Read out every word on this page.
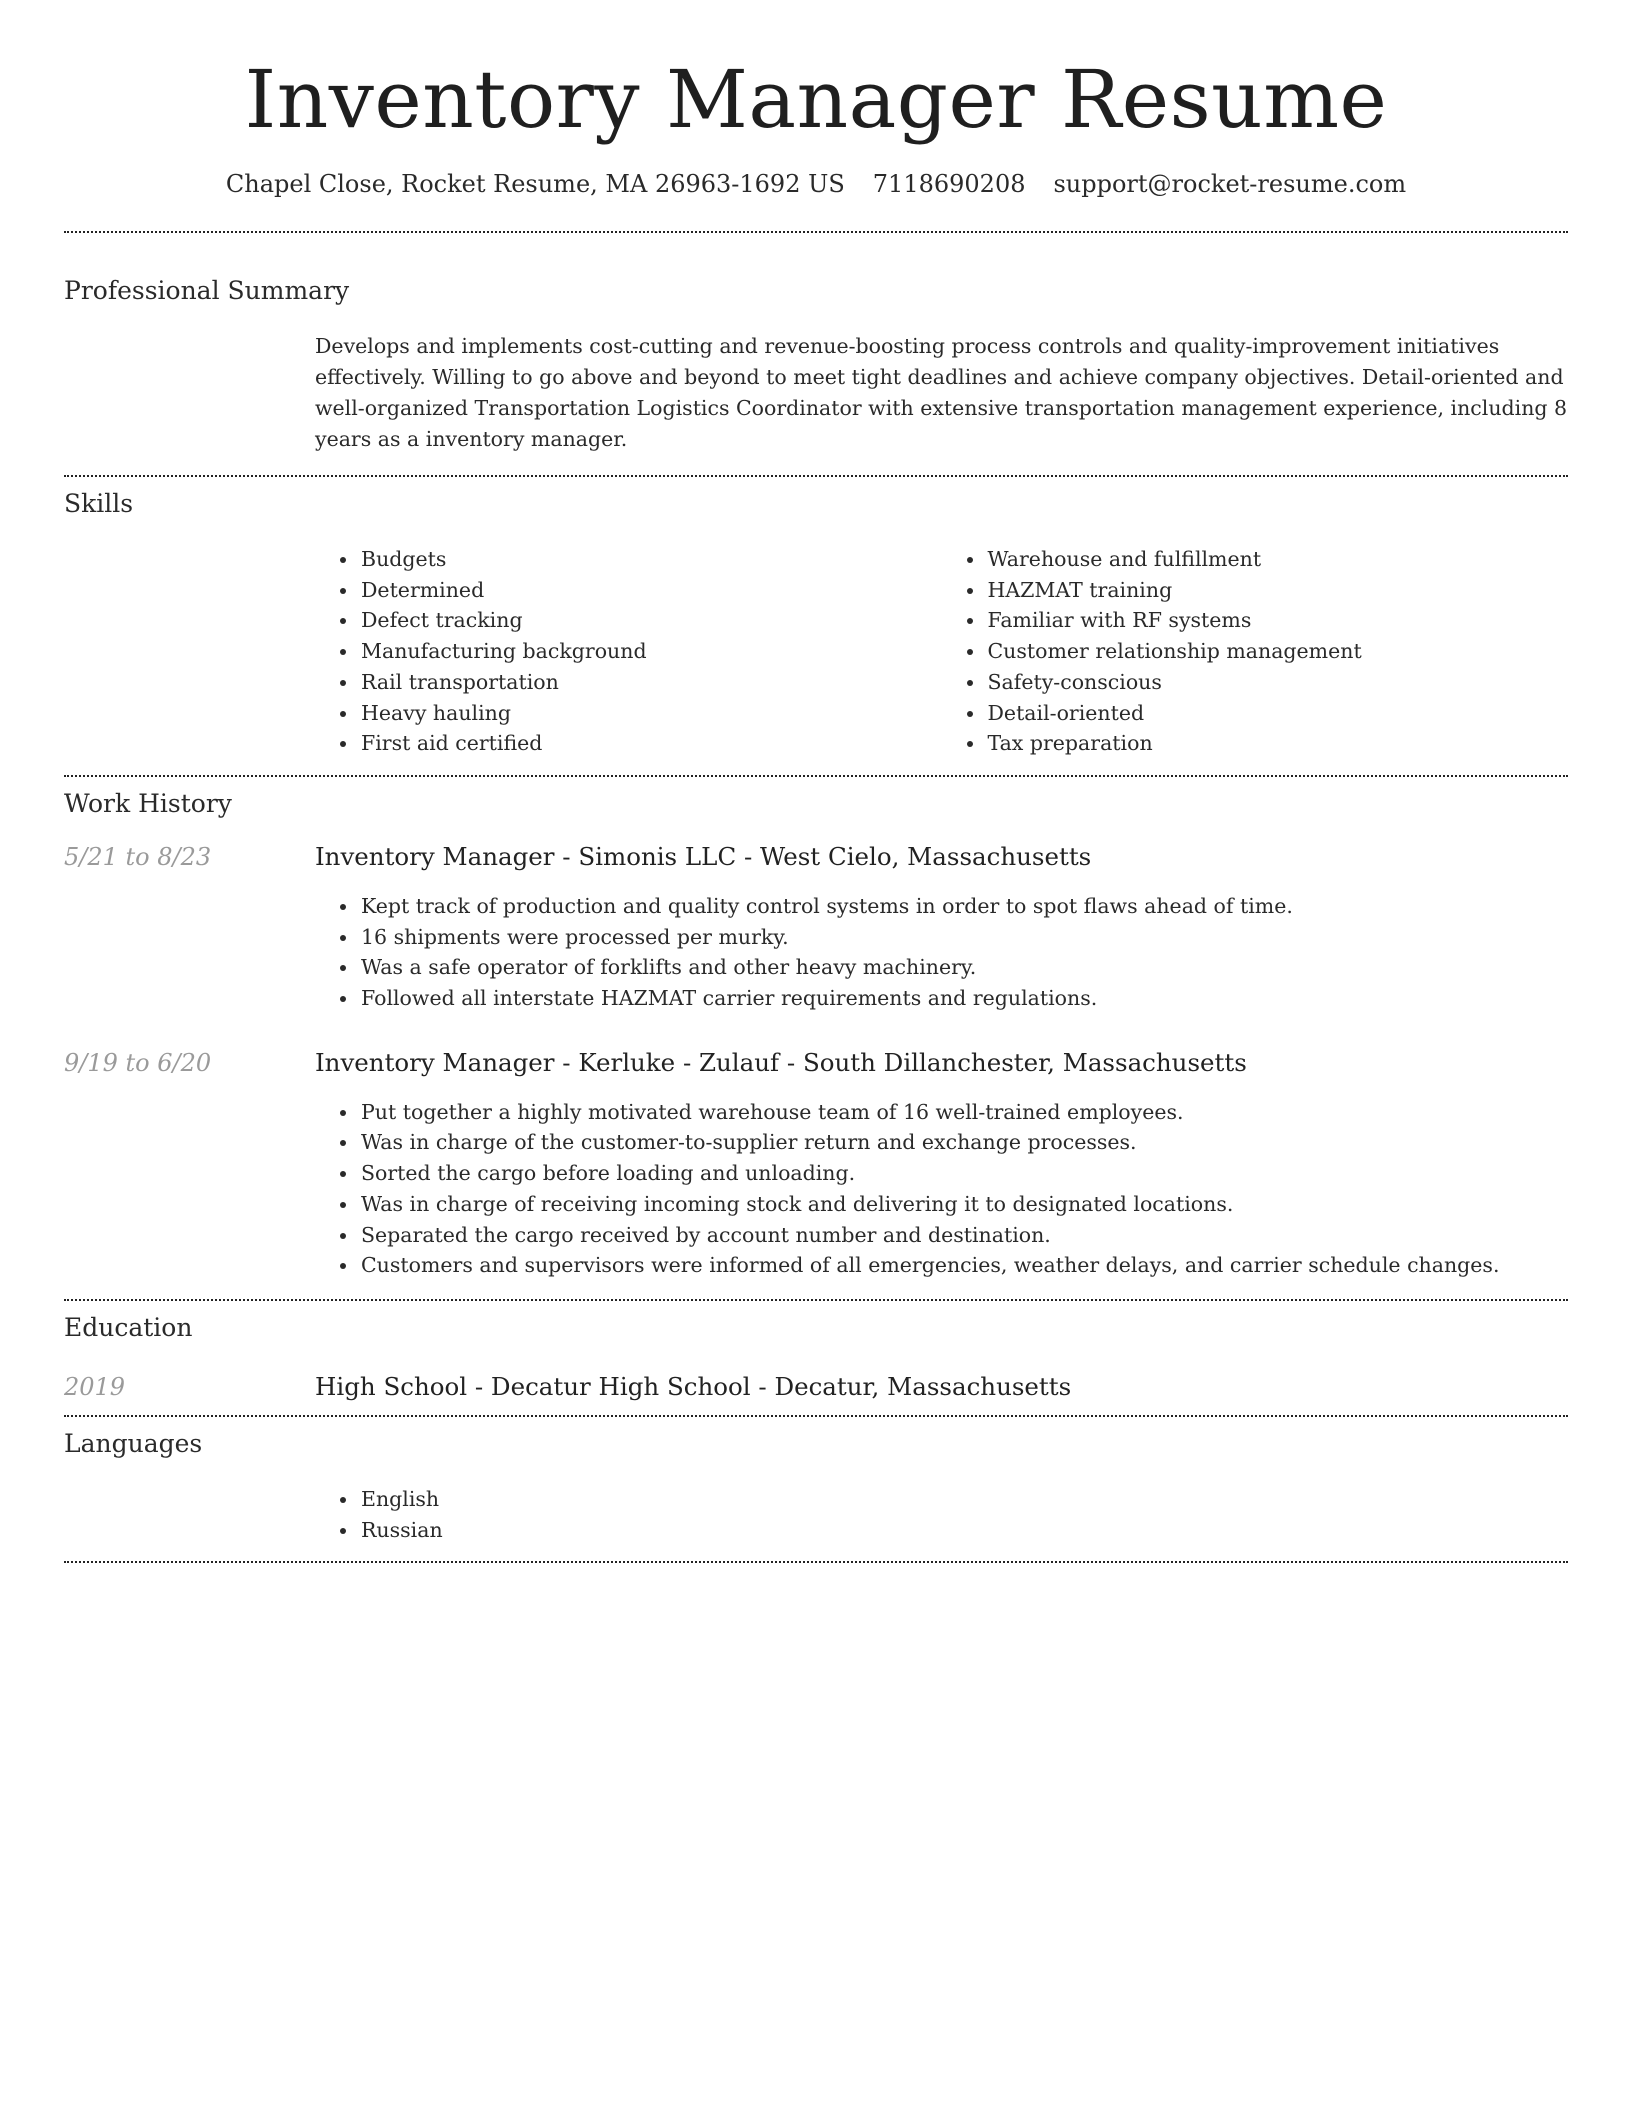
Inventory Manager Resume
Chapel Close, Rocket Resume, MA 26963-1692 US 7118690208 support@rocket-resume.com
Professional Summary

Develops and implements cost-cutting and revenue-boosting process controls and quality-improvement initiatives effectively. Willing to go above and beyond to meet tight deadlines and achieve company objectives. Detail-oriented and well-organized Transportation Logistics Coordinator with extensive transportation management experience, including 8 years as a inventory manager.

Skills
• Budgets
• Determined
• Defect tracking
• Manufacturing background
• Rail transportation
• Heavy hauling
• First aid certified
• Warehouse and fulfillment
• HAZMAT training
• Familiar with RF systems
• Customer relationship management
• Safety-conscious
• Detail-oriented
• Tax preparation
Work History
5/21 to 8/23	Inventory Manager - Simonis LLC - West Cielo, Massachusetts
• Kept track of production and quality control systems in order to spot flaws ahead of time.
• 16 shipments were processed per murky.
• Was a safe operator of forklifts and other heavy machinery.
• Followed all interstate HAZMAT carrier requirements and regulations.
9/19 to 6/20	Inventory Manager - Kerluke - Zulauf - South Dillanchester, Massachusetts
• Put together a highly motivated warehouse team of 16 well-trained employees.
• Was in charge of the customer-to-supplier return and exchange processes.
• Sorted the cargo before loading and unloading.
• Was in charge of receiving incoming stock and delivering it to designated locations.
• Separated the cargo received by account number and destination.
• Customers and supervisors were informed of all emergencies, weather delays, and carrier schedule changes.
Education
2019	High School - Decatur High School - Decatur, Massachusetts
Languages
• English
• Russian
